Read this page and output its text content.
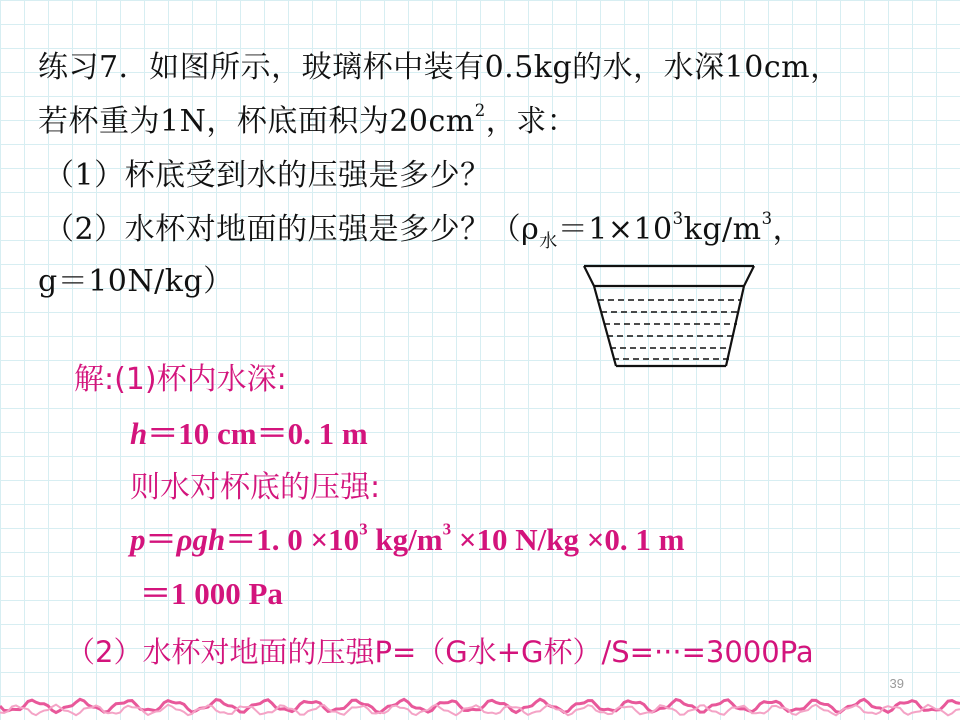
练习7．如图所示，玻璃杯中装有0.5kg的水，水深10cm，

若杯重为1N，杯底面积为$20cm^2$，求：

（1）杯底受到水的压强是多少？

（2）水杯对地面的压强是多少？（$\rho_水=1\times 10^3kg/m^3$，

g＝10N/kg）

解:(1)杯内水深:

h＝10 cm＝0. 1 m

则水对杯底的压强:

p＝ρgh＝1. $0 \times 10^3$ $kg/m^3 \times 10$ N/kg ×0. 1 m

＝1 000 Pa

（2）水杯对地面的压强P=（G水+G杯）/S=···=3000Pa

39
